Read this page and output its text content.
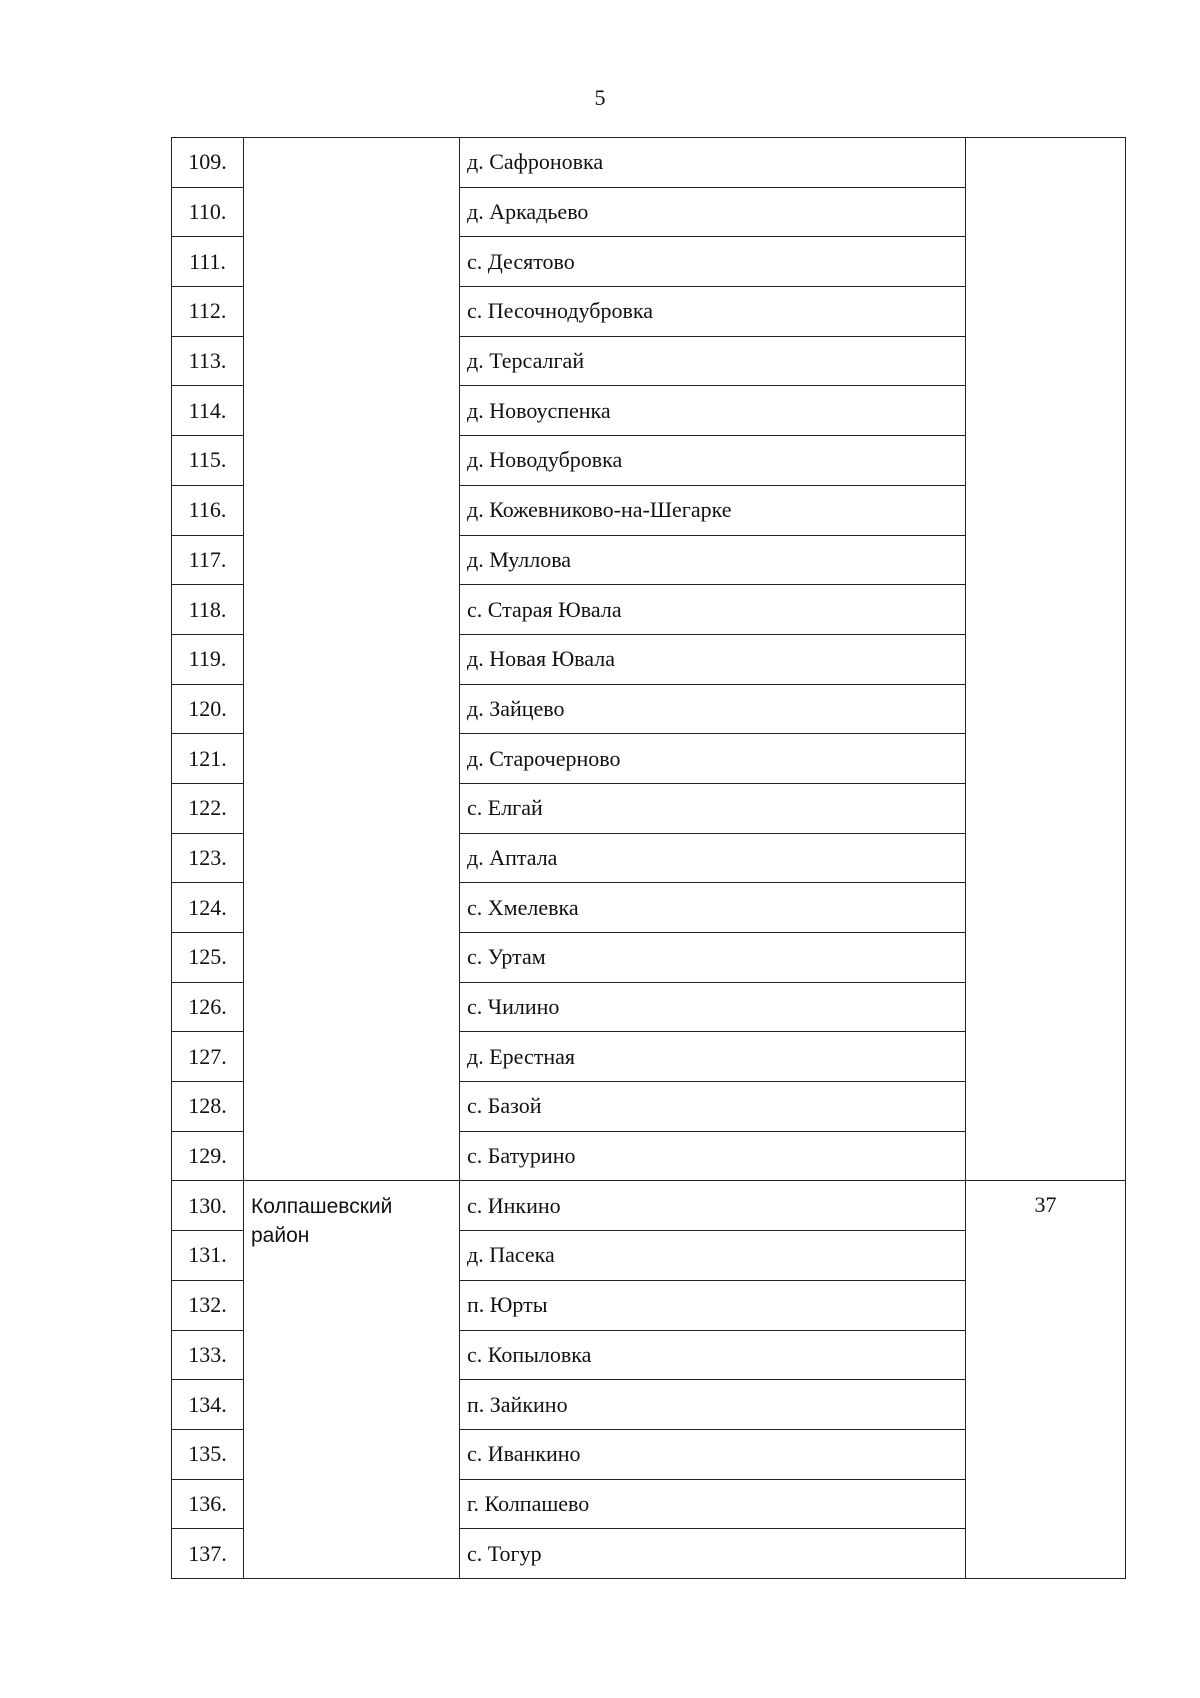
5
109.		д. Сафроновка	
110.		д. Аркадьево	
111.		с. Десятово	
112.		с. Песочнодубровка	
113.		д. Терсалгай	
114.		д. Новоуспенка	
115.		д. Новодубровка	
116.		д. Кожевниково-на-Шегарке	
117.		д. Муллова	
118.		с. Старая Ювала	
119.		д. Новая Ювала	
120.		д. Зайцево	
121.		д. Старочерново	
122.		с. Елгай	
123.		д. Аптала	
124.		с. Хмелевка	
125.		с. Уртам	
126.		с. Чилино	
127.		д. Ерестная	
128.		с. Базой	
129.		с. Батурино	
130.	Колпашевский район	с. Инкино	37
131.		д. Пасека	
132.		п. Юрты	
133.		с. Копыловка	
134.		п. Зайкино	
135.		с. Иванкино	
136.		г. Колпашево	
137.		с. Тогур	
